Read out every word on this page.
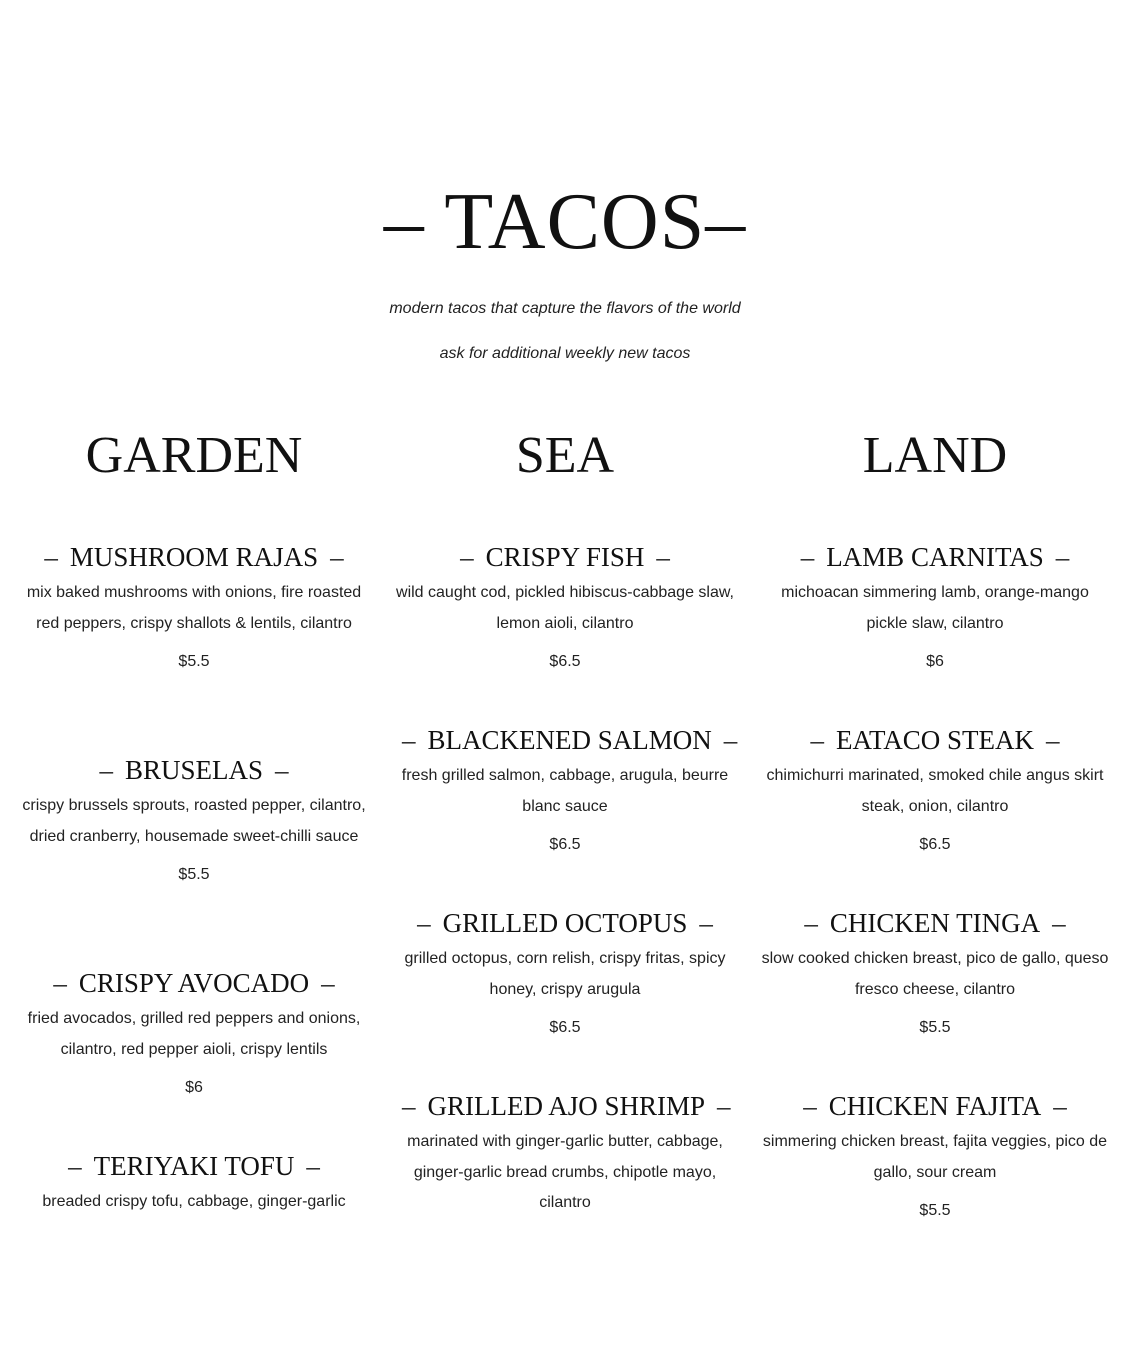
– TACOS–

modern tacos that capture the flavors of the world

ask for additional weekly new tacos

GARDEN

– MUSHROOM RAJAS –

mix baked mushrooms with onions, fire roasted red peppers, crispy shallots & lentils, cilantro

$5.5

– BRUSELAS –

crispy brussels sprouts, roasted pepper, cilantro, dried cranberry, housemade sweet-chilli sauce

$5.5

– CRISPY AVOCADO –

fried avocados, grilled red peppers and onions, cilantro, red pepper aioli, crispy lentils

$6

– TERIYAKI TOFU –

breaded crispy tofu, cabbage, ginger-garlic

SEA

– CRISPY FISH –

wild caught cod, pickled hibiscus-cabbage slaw, lemon aioli, cilantro

$6.5

– BLACKENED SALMON –

fresh grilled salmon, cabbage, arugula, beurre blanc sauce

$6.5

– GRILLED OCTOPUS –

grilled octopus, corn relish, crispy fritas, spicy honey, crispy arugula

$6.5

– GRILLED AJO SHRIMP –

marinated with ginger-garlic butter, cabbage, ginger-garlic bread crumbs, chipotle mayo, cilantro

LAND

– LAMB CARNITAS –

michoacan simmering lamb, orange-mango pickle slaw, cilantro

$6

– EATACO STEAK –

chimichurri marinated, smoked chile angus skirt steak, onion, cilantro

$6.5

– CHICKEN TINGA –

slow cooked chicken breast, pico de gallo, queso fresco cheese, cilantro

$5.5

– CHICKEN FAJITA –

simmering chicken breast, fajita veggies, pico de gallo, sour cream

$5.5
